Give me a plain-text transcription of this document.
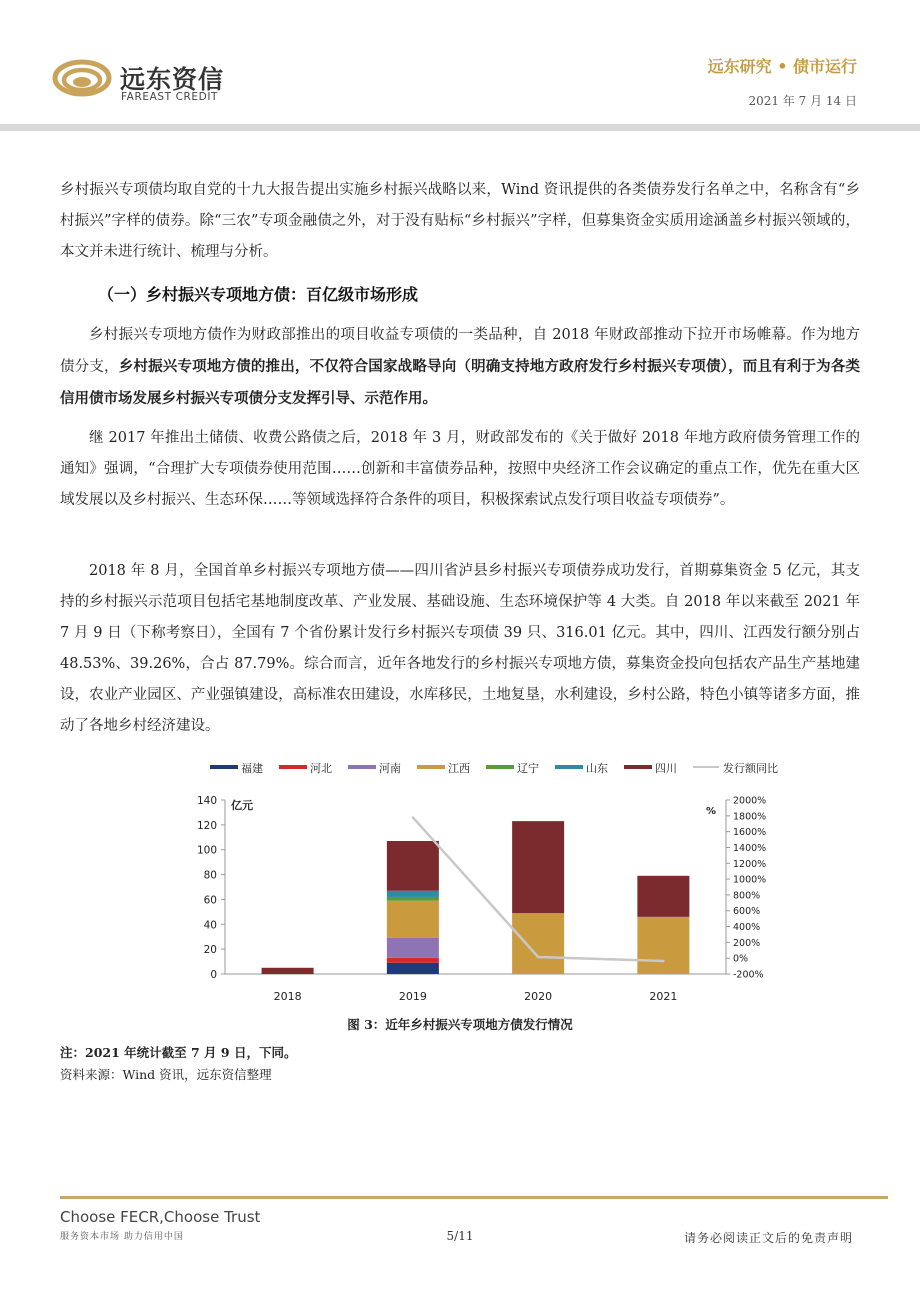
远东资信
FAREAST CREDIT
远东研究 • 债市运行
2021 年 7 月 14 日
乡村振兴专项债均取自党的十九大报告提出实施乡村振兴战略以来，Wind 资讯提供的各类债券发行名单之中，名称含有“乡村振兴”字样的债券。除“三农”专项金融债之外，对于没有贴标“乡村振兴”字样，但募集资金实质用途涵盖乡村振兴领域的，本文并未进行统计、梳理与分析。
（一）乡村振兴专项地方债：百亿级市场形成
乡村振兴专项地方债作为财政部推出的项目收益专项债的一类品种，自 2018 年财政部推动下拉开市场帷幕。作为地方债分支，乡村振兴专项地方债的推出，不仅符合国家战略导向（明确支持地方政府发行乡村振兴专项债），而且有利于为各类信用债市场发展乡村振兴专项债分支发挥引导、示范作用。
继 2017 年推出土储债、收费公路债之后，2018 年 3 月，财政部发布的《关于做好 2018 年地方政府债务管理工作的通知》强调，“合理扩大专项债券使用范围……创新和丰富债券品种，按照中央经济工作会议确定的重点工作，优先在重大区域发展以及乡村振兴、生态环保……等领域选择符合条件的项目，积极探索试点发行项目收益专项债券”。
2018 年 8 月，全国首单乡村振兴专项地方债——四川省泸县乡村振兴专项债券成功发行，首期募集资金 5 亿元，其支持的乡村振兴示范项目包括宅基地制度改革、产业发展、基础设施、生态环境保护等 4 大类。自 2018 年以来截至 2021 年 7 月 9 日（下称考察日），全国有 7 个省份累计发行乡村振兴专项债 39 只、316.01 亿元。其中，四川、江西发行额分别占 48.53%、39.26%，合占 87.79%。综合而言，近年各地发行的乡村振兴专项地方债，募集资金投向包括农产品生产基地建设，农业产业园区、产业强镇建设，高标准农田建设，水库移民，土地复垦，水利建设，乡村公路，特色小镇等诸多方面，推动了各地乡村经济建设。
福建	河北	河南	江西	辽宁	山东	四川	发行额同比
0
20
40
60
80
100
120
140
-200%
0%
200%
400%
600%
800%
1000%
1200%
1400%
1600%
1800%
2000%
亿元	%
2018	2019	2020	2021
图 3：近年乡村振兴专项地方债发行情况
注：2021 年统计截至 7 月 9 日，下同。
资料来源：Wind 资讯，远东资信整理
Choose FECR,Choose Trust
服务资本市场 助力信用中国	5/11	请务必阅读正文后的免责声明
